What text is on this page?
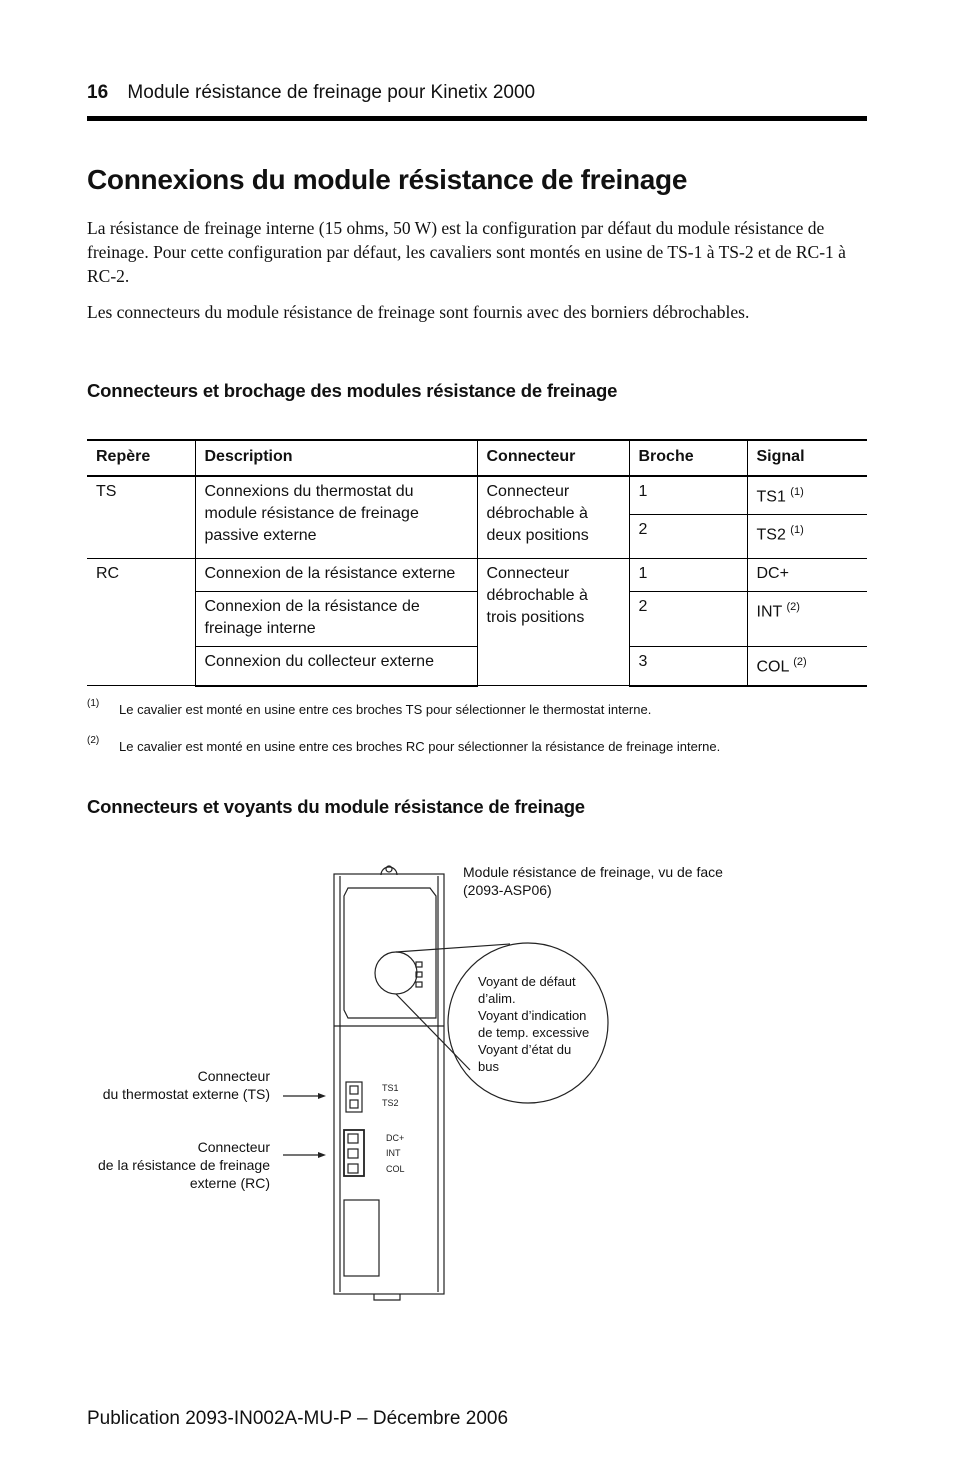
16 Module résistance de freinage pour Kinetix 2000
Connexions du module résistance de freinage

La résistance de freinage interne (15 ohms, 50 W) est la configuration par défaut du module résistance de freinage. Pour cette configuration par défaut, les cavaliers sont montés en usine de TS-1 à TS-2 et de RC-1 à RC-2.

Les connecteurs du module résistance de freinage sont fournis avec des borniers débrochables.

Connecteurs et brochage des modules résistance de freinage
Repère	Description	Connecteur	Broche	Signal
TS	Connexions du thermostat du module résistance de freinage passive externe	Connecteur débrochable à deux positions	1	TS1 $^{(1)}$
			2	TS2 $^{(1)}$
RC	Connexion de la résistance externe	Connecteur débrochable à trois positions	1	DC+
	Connexion de la résistance de freinage interne		2	INT $^{(2)}$
	Connexion du collecteur externe		3	COL $^{(2)}$
(1) Le cavalier est monté en usine entre ces broches TS pour sélectionner le thermostat interne.
(2) Le cavalier est monté en usine entre ces broches RC pour sélectionner la résistance de freinage interne.
Connecteurs et voyants du module résistance de freinage
TS1
TS2
DC+
INT
COL
Module résistance de freinage, vu de face
(2093-ASP06)
Voyant de défaut
d’alim.
Voyant d’indication
de temp. excessive
Voyant d’état du
bus
Connecteur
du thermostat externe (TS)
Connecteur
de la résistance de freinage
externe (RC)
Publication 2093-IN002A-MU-P – Décembre 2006
